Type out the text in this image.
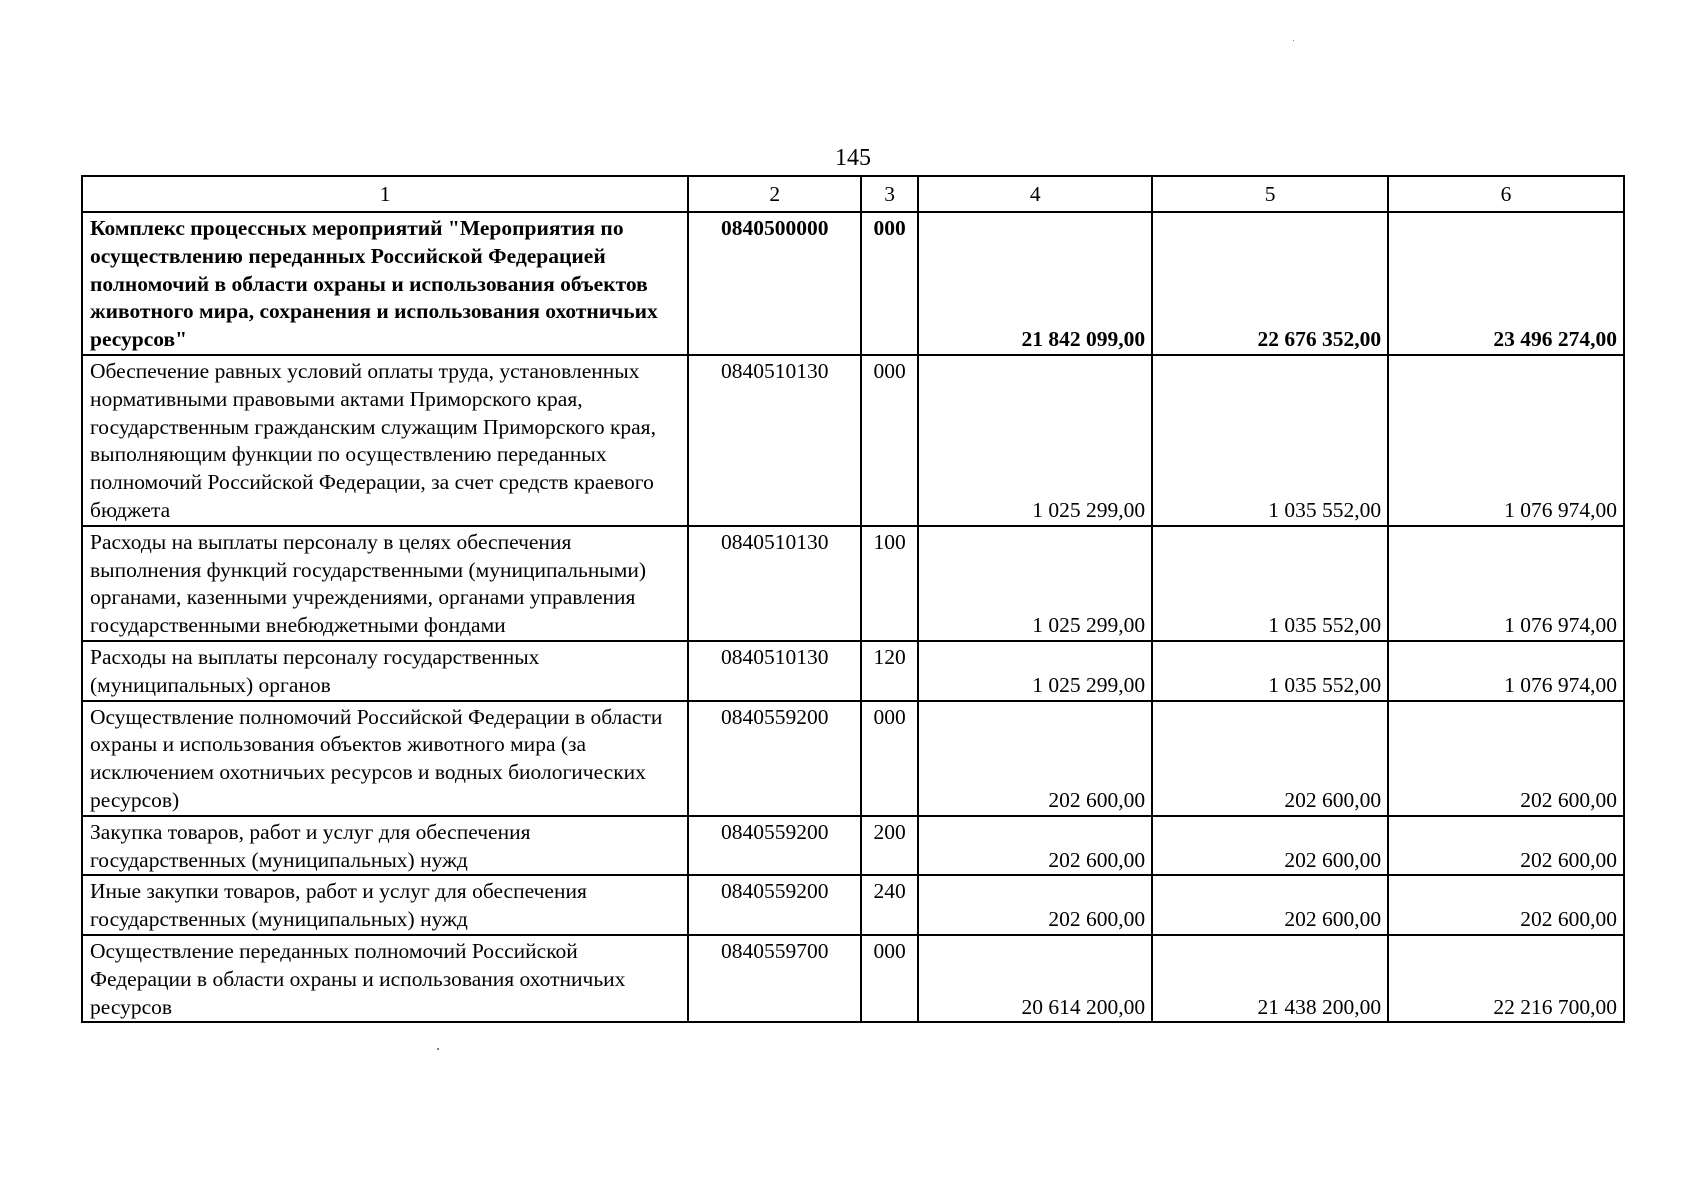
145
1	2	3	4	5	6
Комплекс процессных мероприятий "Мероприятия по осуществлению переданных Российской Федерацией полномочий в области охраны и использования объектов животного мира, сохранения и использования охотничьих ресурсов"	0840500000	000	21 842 099,00	22 676 352,00	23 496 274,00
Обеспечение равных условий оплаты труда, установленных нормативными правовыми актами Приморского края, государственным гражданским служащим Приморского края, выполняющим функции по осуществлению переданных полномочий Российской Федерации, за счет средств краевого бюджета	0840510130	000	1 025 299,00	1 035 552,00	1 076 974,00
Расходы на выплаты персоналу в целях обеспечения выполнения функций государственными (муниципальными) органами, казенными учреждениями, органами управления государственными внебюджетными фондами	0840510130	100	1 025 299,00	1 035 552,00	1 076 974,00
Расходы на выплаты персоналу государственных (муниципальных) органов	0840510130	120	1 025 299,00	1 035 552,00	1 076 974,00
Осуществление полномочий Российской Федерации в области охраны и использования объектов животного мира (за исключением охотничьих ресурсов и водных биологических ресурсов)	0840559200	000	202 600,00	202 600,00	202 600,00
Закупка товаров, работ и услуг для обеспечения государственных (муниципальных) нужд	0840559200	200	202 600,00	202 600,00	202 600,00
Иные закупки товаров, работ и услуг для обеспечения государственных (муниципальных) нужд	0840559200	240	202 600,00	202 600,00	202 600,00
Осуществление переданных полномочий Российской Федерации в области охраны и использования охотничьих ресурсов	0840559700	000	20 614 200,00	21 438 200,00	22 216 700,00
